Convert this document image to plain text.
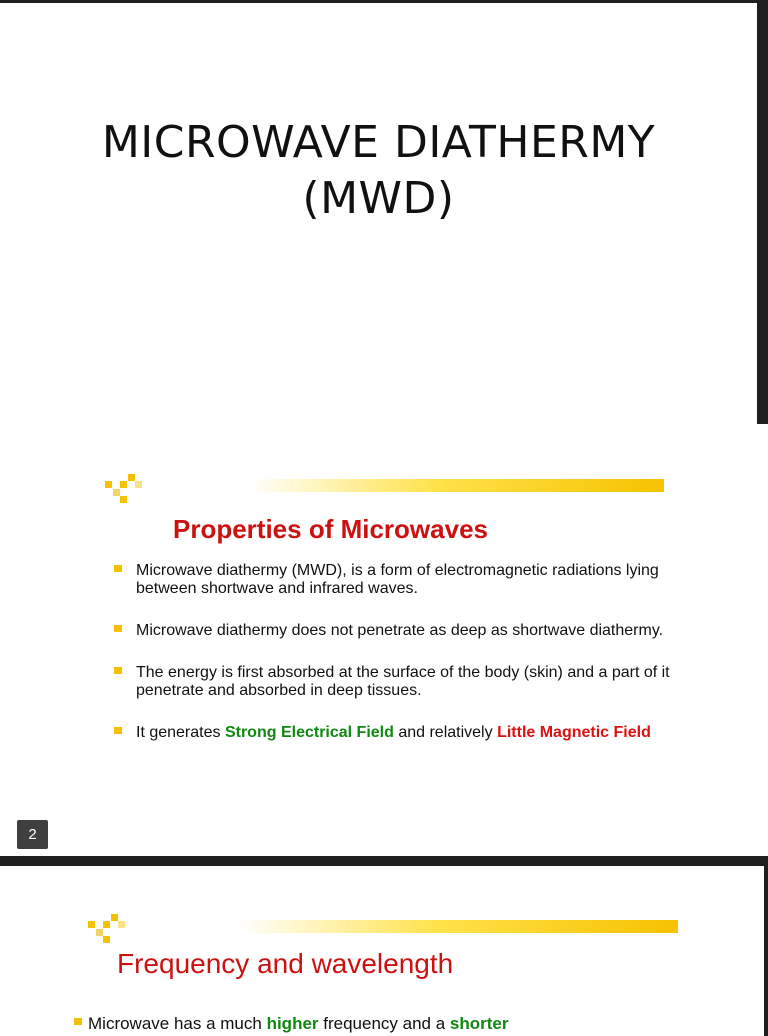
MICROWAVE DIATHERMY
(MWD)
Properties of Microwaves
Microwave diathermy (MWD), is a form of electromagnetic radiations lying between shortwave and infrared waves.
Microwave diathermy does not penetrate as deep as shortwave diathermy.
The energy is first absorbed at the surface of the body (skin) and a part of it penetrate and absorbed in deep tissues.
It generates Strong Electrical Field and relatively Little Magnetic Field
2
Frequency and wavelength
Microwave has a much higher frequency and a shorter
